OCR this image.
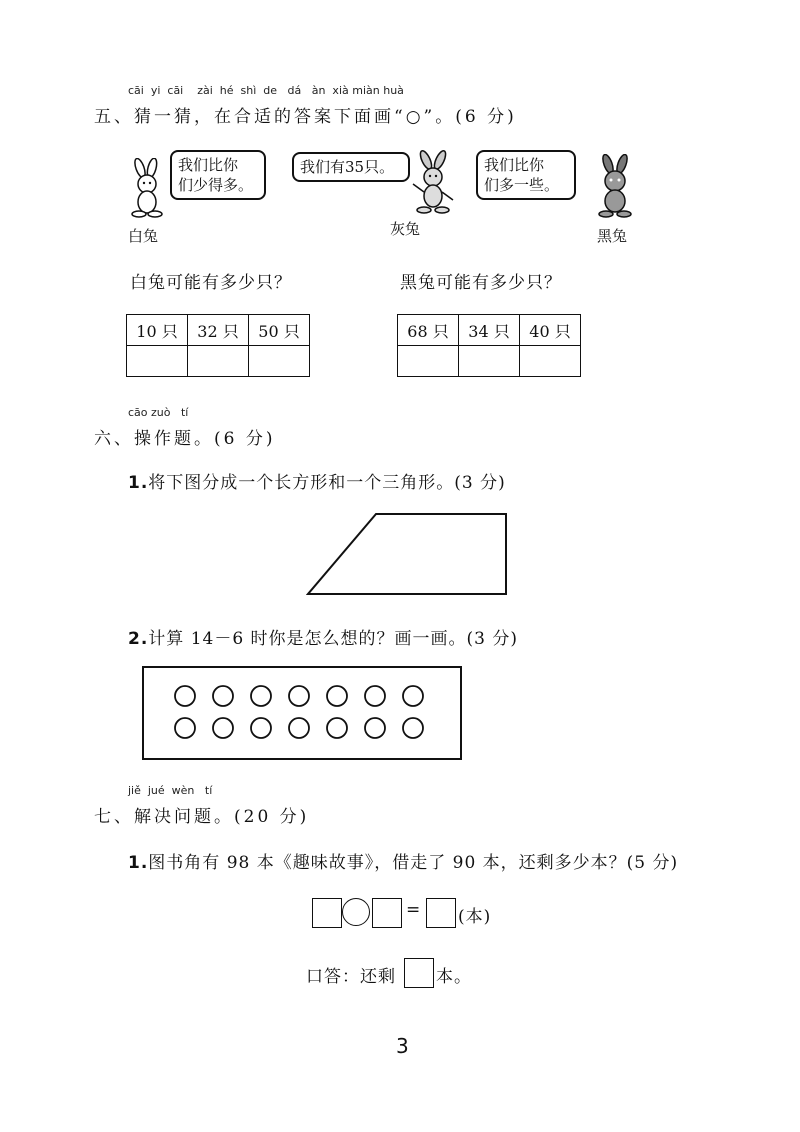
cāi  yi  cāi    zài  hé  shì  de   dá   àn  xià miàn huà
五、猜一猜，在合适的答案下面画“○”。(6 分)
我们比你
们少得多。
白兔
我们有35只。
灰兔
我们比你
们多一些。
黑兔
白兔可能有多少只？	黑兔可能有多少只？
10 只	32 只	50 只
			68 只	34 只	40 只

cāo zuò   tí
六、操作题。(6 分)
1.将下图分成一个长方形和一个三角形。(3 分)
2.计算 14－6 时你是怎么想的？画一画。(3 分)
jiě  jué  wèn   tí
七、解决问题。(20 分)
1.图书角有 98 本《趣味故事》，借走了 90 本，还剩多少本？(5 分)
= (本)
口答：还剩 本。
3
